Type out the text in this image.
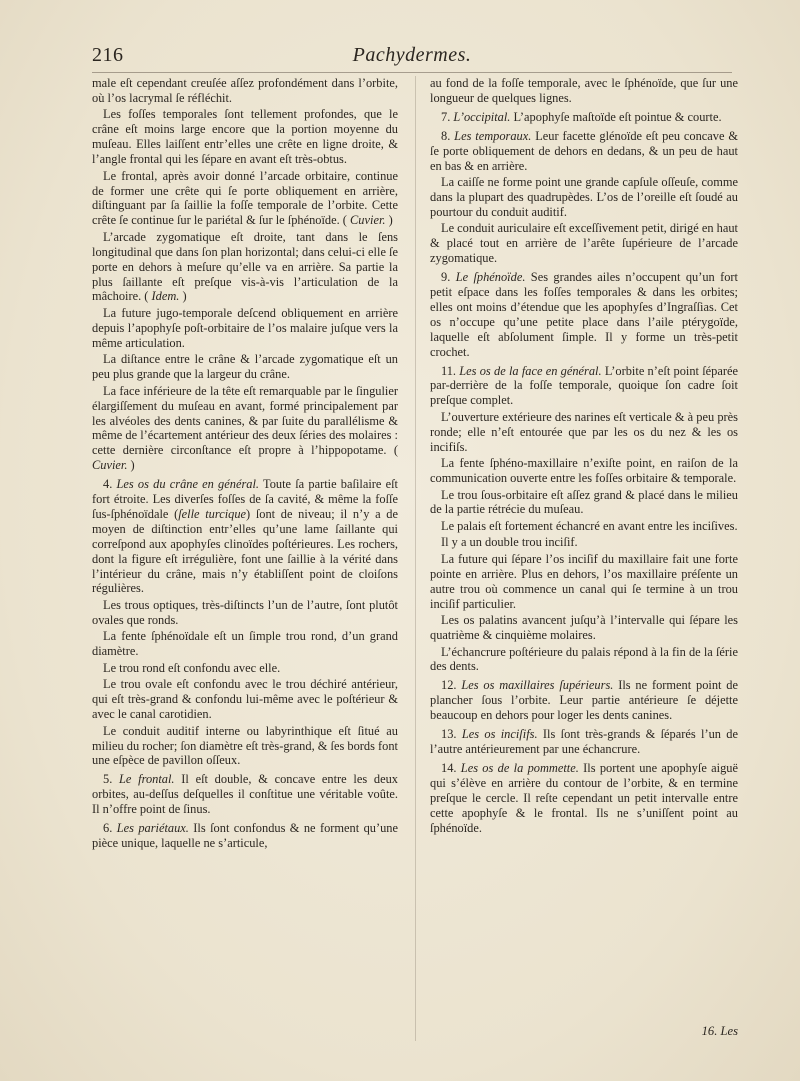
216	Pachydermes.

male eſt cependant creuſée aſſez profondément dans l’orbite, où l’os lacrymal ſe réfléchit.

Les foſſes temporales ſont tellement profondes, que le crâne eſt moins large encore que la portion moyenne du muſeau. Elles laiſſent entr’elles une crête en ligne droite, & l’angle frontal qui les ſépare en avant eſt très-obtus.

Le frontal, après avoir donné l’arcade orbitaire, continue de former une crête qui ſe porte obliquement en arrière, diſtinguant par ſa ſaillie la foſſe temporale de l’orbite. Cette crête ſe continue ſur le pariétal & ſur le ſphénoïde. ( Cuvier. )

L’arcade zygomatique eſt droite, tant dans le ſens longitudinal que dans ſon plan horizontal; dans celui-ci elle ſe porte en dehors à meſure qu’elle va en arrière. Sa partie la plus ſaillante eſt preſque vis-à-vis l’articulation de la mâchoire. ( Idem. )

La future jugo-temporale deſcend obliquement en arrière depuis l’apophyſe poſt-orbitaire de l’os malaire juſque vers la même articulation.

La diſtance entre le crâne & l’arcade zygomatique eſt un peu plus grande que la largeur du crâne.

La face inférieure de la tête eſt remarquable par le ſingulier élargiſſement du muſeau en avant, formé principalement par les alvéoles des dents canines, & par ſuite du parallélisme & même de l’écartement antérieur des deux ſéries des molaires : cette dernière circonſtance eſt propre à l’hippopotame. ( Cuvier. )

4. Les os du crâne en général. Toute ſa partie baſilaire eſt fort étroite. Les diverſes foſſes de ſa cavité, & même la foſſe ſus-ſphénoïdale (ſelle turcique) ſont de niveau; il n’y a de moyen de diſtinction entr’elles qu’une lame ſaillante qui correſpond aux apophyſes clinoïdes poſtérieures. Les rochers, dont la figure eſt irrégulière, font une ſaillie à la vérité dans l’intérieur du crâne, mais n’y établiſſent point de cloiſons régulières.

Les trous optiques, très-diſtincts l’un de l’autre, ſont plutôt ovales que ronds.

La fente ſphénoïdale eſt un ſimple trou rond, d’un grand diamètre.

Le trou rond eſt confondu avec elle.

Le trou ovale eſt confondu avec le trou déchiré antérieur, qui eſt très-grand & confondu lui-même avec le poſtérieur & avec le canal carotidien.

Le conduit auditif interne ou labyrinthique eſt ſitué au milieu du rocher; ſon diamètre eſt très-grand, & ſes bords font une eſpèce de pavillon oſſeux.

5. Le frontal. Il eſt double, & concave entre les deux orbites, au-deſſus deſquelles il conſtitue une véritable voûte. Il n’offre point de ſinus.

6. Les pariétaux. Ils ſont confondus & ne forment qu’une pièce unique, laquelle ne s’articule,

au fond de la foſſe temporale, avec le ſphénoïde, que ſur une longueur de quelques lignes.

7. L’occipital. L’apophyſe maſtoïde eſt pointue & courte.

8. Les temporaux. Leur facette glénoïde eſt peu concave & ſe porte obliquement de dehors en dedans, & un peu de haut en bas & en arrière.

La caiſſe ne forme point une grande capſule oſſeuſe, comme dans la plupart des quadrupèdes. L’os de l’oreille eſt ſoudé au pourtour du conduit auditif.

Le conduit auriculaire eſt exceſſivement petit, dirigé en haut & placé tout en arrière de l’arête ſupérieure de l’arcade zygomatique.

9. Le ſphénoïde. Ses grandes ailes n’occupent qu’un fort petit eſpace dans les foſſes temporales & dans les orbites; elles ont moins d’étendue que les apophyſes d’Ingraſſias. Cet os n’occupe qu’une petite place dans l’aile ptérygoïde, laquelle eſt abſolument ſimple. Il y forme un très-petit crochet.

11. Les os de la face en général. L’orbite n’eſt point ſéparée par-derrière de la foſſe temporale, quoique ſon cadre ſoit preſque complet.

L’ouverture extérieure des narines eſt verticale & à peu près ronde; elle n’eſt entourée que par les os du nez & les os incifiſs.

La fente ſphéno-maxillaire n’exiſte point, en raiſon de la communication ouverte entre les foſſes orbitaire & temporale.

Le trou ſous-orbitaire eſt aſſez grand & placé dans le milieu de la partie rétrécie du muſeau.

Le palais eſt fortement échancré en avant entre les inciſives.

Il y a un double trou inciſif.

La future qui ſépare l’os inciſif du maxillaire fait une forte pointe en arrière. Plus en dehors, l’os maxillaire préſente un autre trou où commence un canal qui ſe termine à un trou inciſif particulier.

Les os palatins avancent juſqu’à l’intervalle qui ſépare les quatrième & cinquième molaires.

L’échancrure poſtérieure du palais répond à la fin de la ſérie des dents.

12. Les os maxillaires ſupérieurs. Ils ne forment point de plancher ſous l’orbite. Leur partie antérieure ſe déjette beaucoup en dehors pour loger les dents canines.

13. Les os inciſifs. Ils ſont très-grands & ſéparés l’un de l’autre antérieurement par une échancrure.

14. Les os de la pommette. Ils portent une apophyſe aiguë qui s’élève en arrière du contour de l’orbite, & en termine preſque le cercle. Il reſte cependant un petit intervalle entre cette apophyſe & le frontal. Ils ne s’uniſſent point au ſphénoïde.

16. Les
